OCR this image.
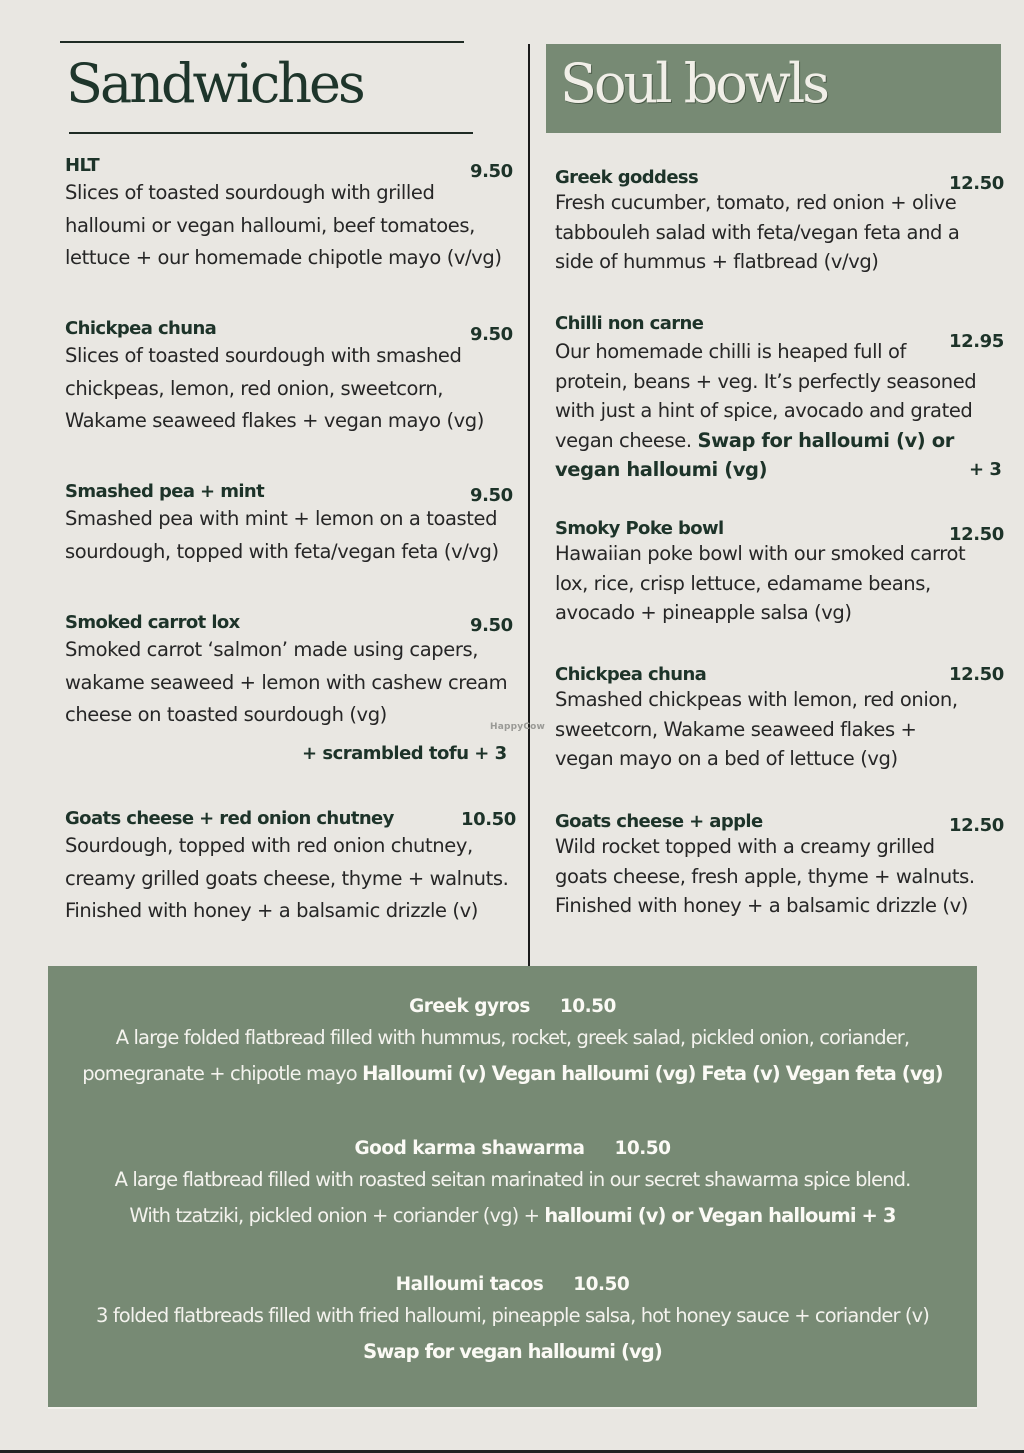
Sandwiches	Soul bowls
HLT	9.50
Slices of toasted sourdough with grilled
halloumi or vegan halloumi, beef tomatoes,
lettuce + our homemade chipotle mayo (v/vg)
Chickpea chuna	9.50
Slices of toasted sourdough with smashed
chickpeas, lemon, red onion, sweetcorn,
Wakame seaweed flakes + vegan mayo (vg)
Smashed pea + mint	9.50
Smashed pea with mint + lemon on a toasted
sourdough, topped with feta/vegan feta (v/vg)
Smoked carrot lox	9.50
Smoked carrot ‘salmon’ made using capers,
wakame seaweed + lemon with cashew cream
cheese on toasted sourdough (vg)
+ scrambled tofu + 3
Goats cheese + red onion chutney	10.50
Sourdough, topped with red onion chutney,
creamy grilled goats cheese, thyme + walnuts.
Finished with honey + a balsamic drizzle (v)
HappyCow
Greek goddess	12.50
Fresh cucumber, tomato, red onion + olive
tabbouleh salad with feta/vegan feta and a
side of hummus + flatbread (v/vg)
Chilli non carne
12.95
Our homemade chilli is heaped full of
protein, beans + veg. It’s perfectly seasoned
with just a hint of spice, avocado and grated
vegan cheese. Swap for halloumi (v) or
vegan halloumi (vg)	+ 3
Smoky Poke bowl	12.50
Hawaiian poke bowl with our smoked carrot
lox, rice, crisp lettuce, edamame beans,
avocado + pineapple salsa (vg)
Chickpea chuna	12.50
Smashed chickpeas with lemon, red onion,
sweetcorn, Wakame seaweed flakes +
vegan mayo on a bed of lettuce (vg)
Goats cheese + apple	12.50
Wild rocket topped with a creamy grilled
goats cheese, fresh apple, thyme + walnuts.
Finished with honey + a balsamic drizzle (v)
Greek gyros 10.50
A large folded flatbread filled with hummus, rocket, greek salad, pickled onion, coriander,
pomegranate + chipotle mayo Halloumi (v) Vegan halloumi (vg) Feta (v) Vegan feta (vg)
Good karma shawarma 10.50
A large flatbread filled with roasted seitan marinated in our secret shawarma spice blend.
With tzatziki, pickled onion + coriander (vg) + halloumi (v) or Vegan halloumi + 3
Halloumi tacos 10.50
3 folded flatbreads filled with fried halloumi, pineapple salsa, hot honey sauce + coriander (v)
Swap for vegan halloumi (vg)
